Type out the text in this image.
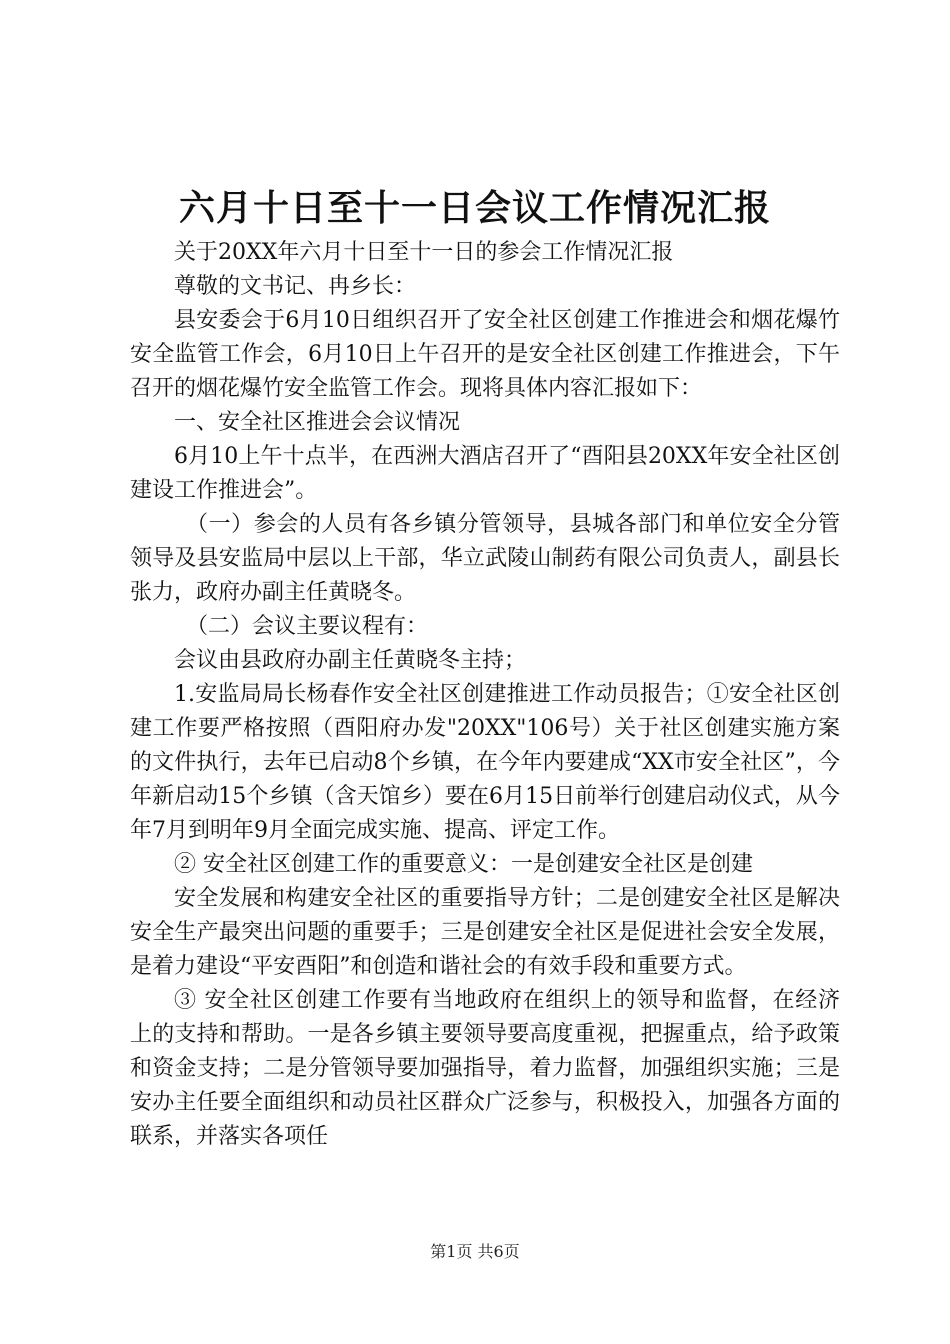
六月十日至十一日会议工作情况汇报

关于20XX年六月十日至十一日的参会工作情况汇报

尊敬的文书记、冉乡长：

县安委会于6月10日组织召开了安全社区创建工作推进会和烟花爆竹安全监管工作会，6月10日上午召开的是安全社区创建工作推进会，下午召开的烟花爆竹安全监管工作会。现将具体内容汇报如下：

一、安全社区推进会会议情况

6月10上午十点半，在西洲大酒店召开了“酉阳县20XX年安全社区创建设工作推进会”。

（一）参会的人员有各乡镇分管领导，县城各部门和单位安全分管领导及县安监局中层以上干部，华立武陵山制药有限公司负责人，副县长张力，政府办副主任黄晓冬。

（二）会议主要议程有：

会议由县政府办副主任黄晓冬主持；

1.安监局局长杨春作安全社区创建推进工作动员报告；①安全社区创建工作要严格按照（酉阳府办发"20XX"106号）关于社区创建实施方案的文件执行，去年已启动8个乡镇，在今年内要建成“XX市安全社区”，今年新启动15个乡镇（含天馆乡）要在6月15日前举行创建启动仪式，从今年7月到明年9月全面完成实施、提高、评定工作。

② 安全社区创建工作的重要意义：一是创建安全社区是创建

安全发展和构建安全社区的重要指导方针；二是创建安全社区是解决安全生产最突出问题的重要手；三是创建安全社区是促进社会安全发展，是着力建设“平安酉阳”和创造和谐社会的有效手段和重要方式。

③ 安全社区创建工作要有当地政府在组织上的领导和监督，在经济上的支持和帮助。一是各乡镇主要领导要高度重视，把握重点，给予政策和资金支持；二是分管领导要加强指导，着力监督，加强组织实施；三是安办主任要全面组织和动员社区群众广泛参与，积极投入，加强各方面的联系，并落实各项任

第1页 共6页
